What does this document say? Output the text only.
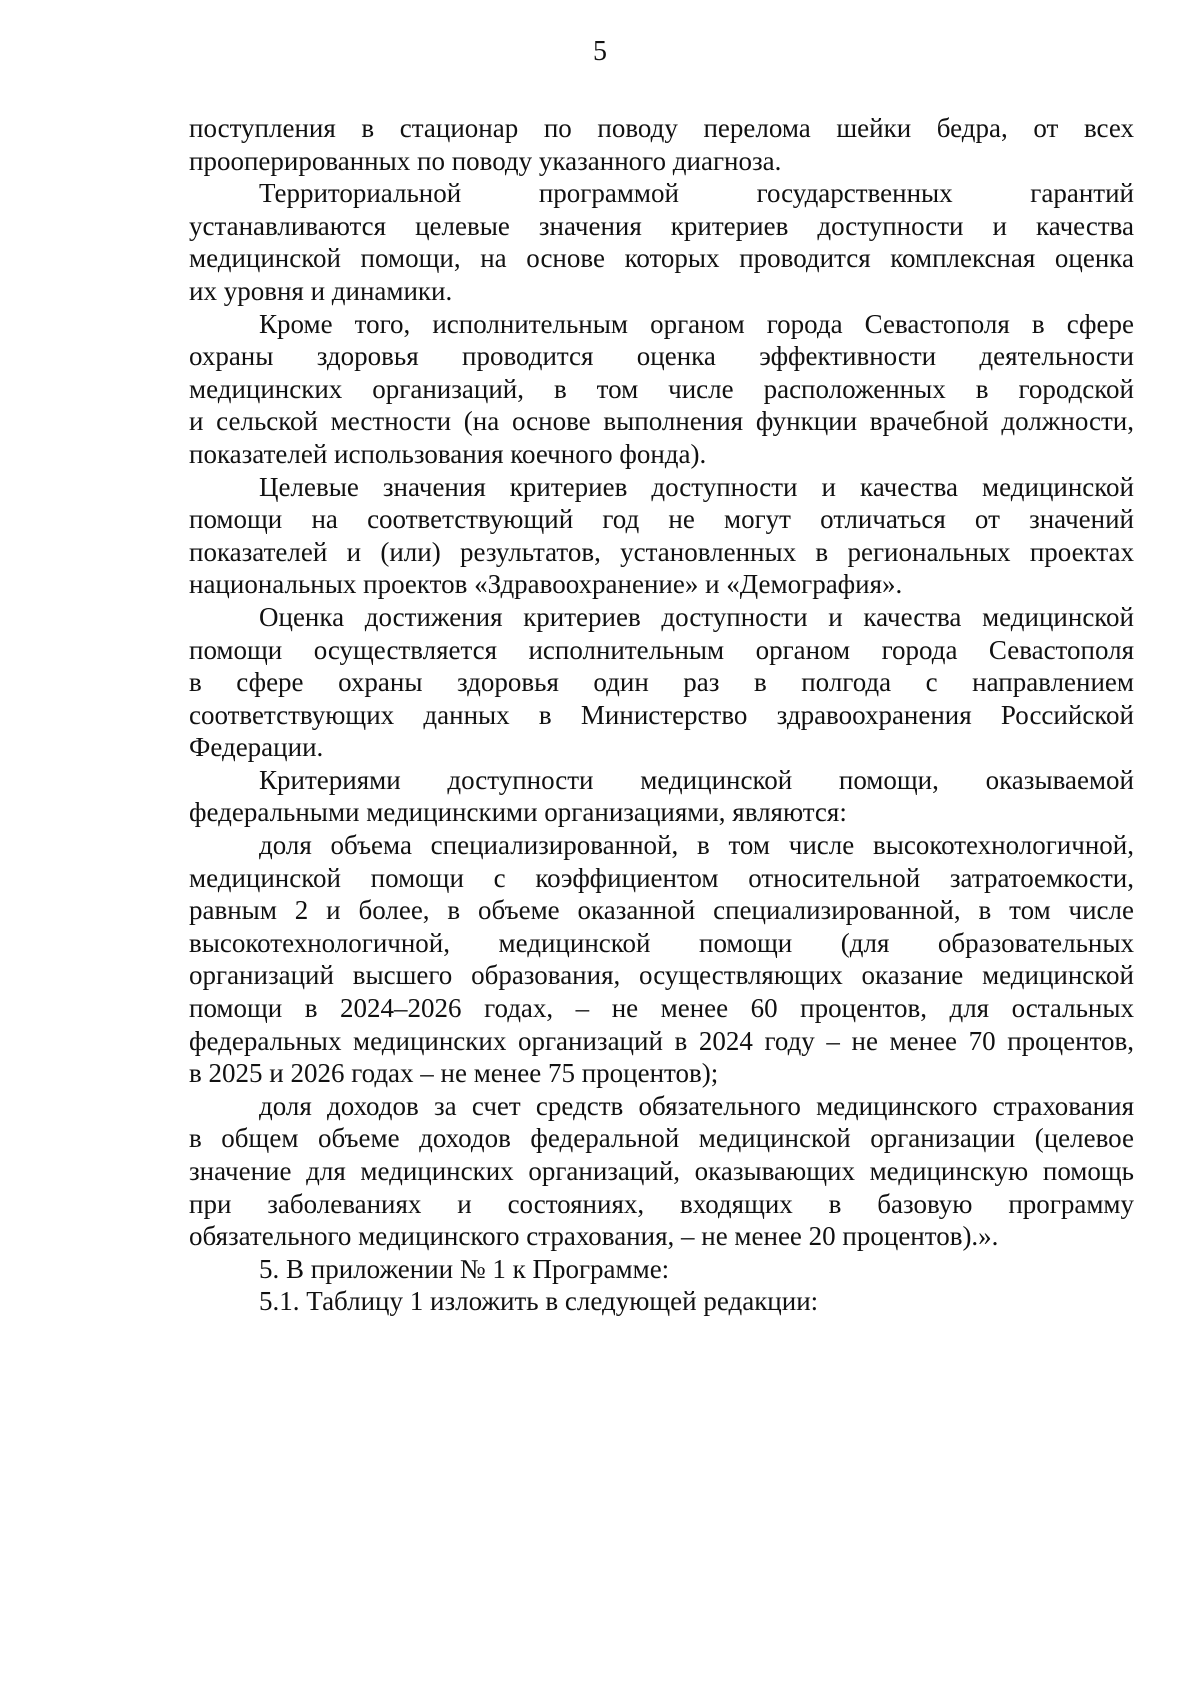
5

поступления в стационар по поводу перелома шейки бедра, от всех
прооперированных по поводу указанного диагноза.

Территориальной программой государственных гарантий
устанавливаются целевые значения критериев доступности и качества
медицинской помощи, на основе которых проводится комплексная оценка
их уровня и динамики.

Кроме того, исполнительным органом города Севастополя в сфере
охраны здоровья проводится оценка эффективности деятельности
медицинских организаций, в том числе расположенных в городской
и сельской местности (на основе выполнения функции врачебной должности,
показателей использования коечного фонда).

Целевые значения критериев доступности и качества медицинской
помощи на соответствующий год не могут отличаться от значений
показателей и (или) результатов, установленных в региональных проектах
национальных проектов «Здравоохранение» и «Демография».

Оценка достижения критериев доступности и качества медицинской
помощи осуществляется исполнительным органом города Севастополя
в сфере охраны здоровья один раз в полгода с направлением
соответствующих данных в Министерство здравоохранения Российской
Федерации.

Критериями доступности медицинской помощи, оказываемой
федеральными медицинскими организациями, являются:

доля объема специализированной, в том числе высокотехнологичной,
медицинской помощи с коэффициентом относительной затратоемкости,
равным 2 и более, в объеме оказанной специализированной, в том числе
высокотехнологичной, медицинской помощи (для образовательных
организаций высшего образования, осуществляющих оказание медицинской
помощи в 2024–2026 годах, – не менее 60 процентов, для остальных
федеральных медицинских организаций в 2024 году – не менее 70 процентов,
в 2025 и 2026 годах – не менее 75 процентов);

доля доходов за счет средств обязательного медицинского страхования
в общем объеме доходов федеральной медицинской организации (целевое
значение для медицинских организаций, оказывающих медицинскую помощь
при заболеваниях и состояниях, входящих в базовую программу
обязательного медицинского страхования, – не менее 20 процентов).».

5. В приложении № 1 к Программе:

5.1. Таблицу 1 изложить в следующей редакции:
